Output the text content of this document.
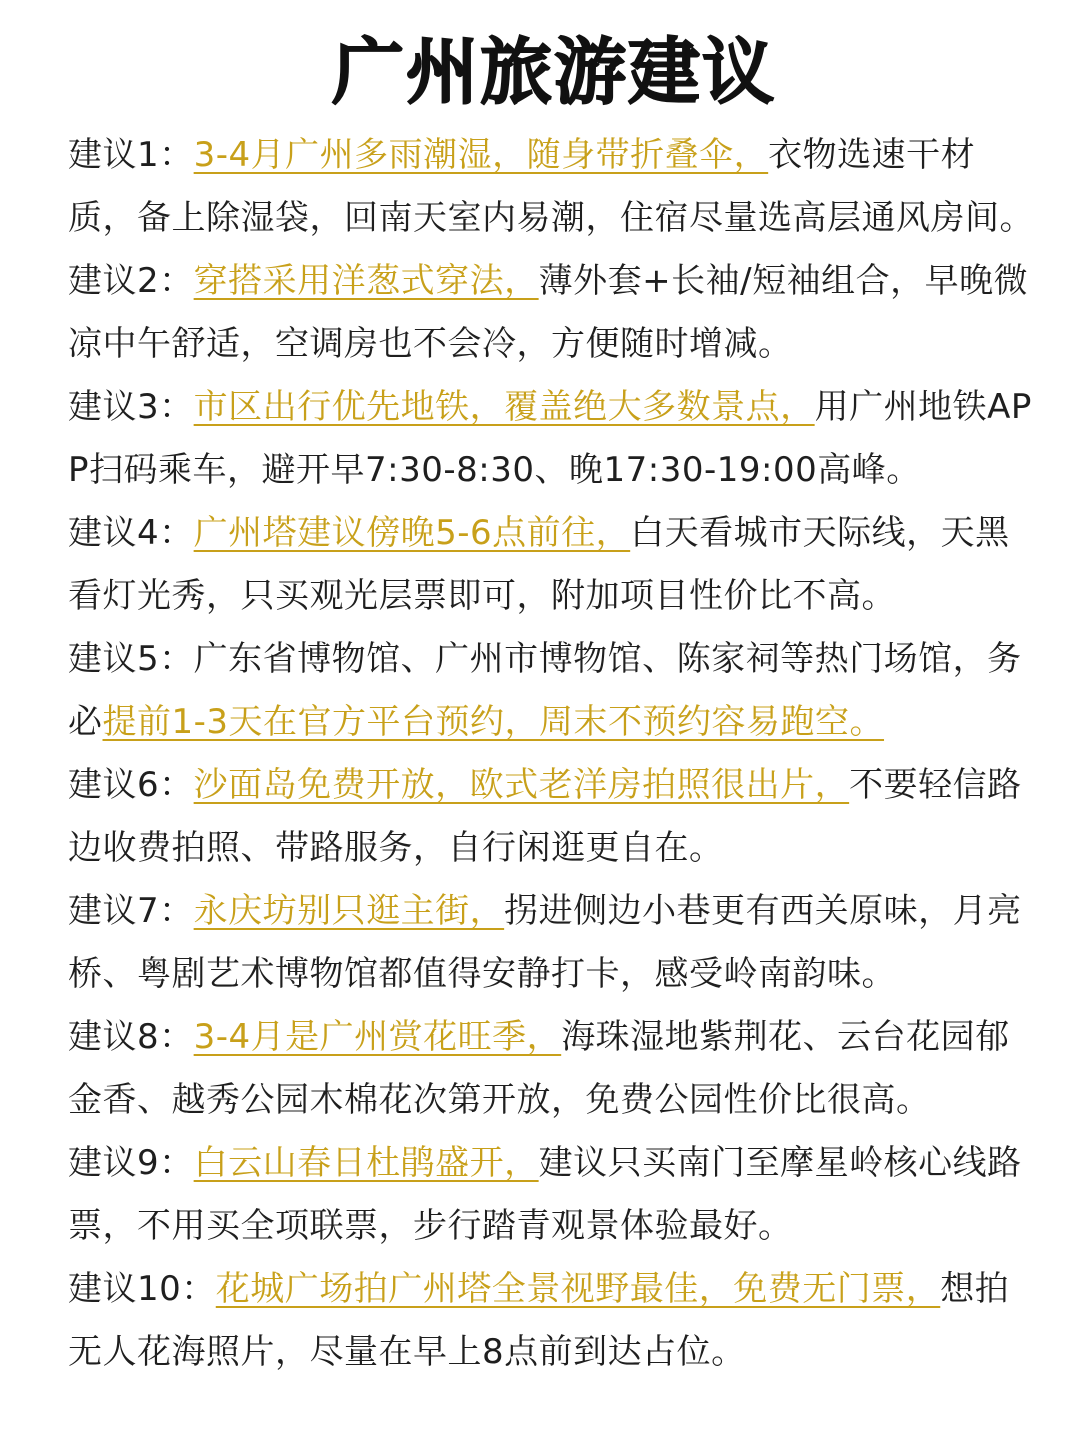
广州旅游建议
建议1：3-4月广州多雨潮湿，随身带折叠伞，衣物选速干材质，备上除湿袋，回南天室内易潮，住宿尽量选高层通风房间。
建议2：穿搭采用洋葱式穿法，薄外套+长袖/短袖组合，早晚微凉中午舒适，空调房也不会冷，方便随时增减。
建议3：市区出行优先地铁，覆盖绝大多数景点，用广州地铁APP扫码乘车，避开早7:30-8:30、晚17:30-19:00高峰。
建议4：广州塔建议傍晚5-6点前往，白天看城市天际线，天黑看灯光秀，只买观光层票即可，附加项目性价比不高。
建议5：广东省博物馆、广州市博物馆、陈家祠等热门场馆，务必提前1-3天在官方平台预约，周末不预约容易跑空。
建议6：沙面岛免费开放，欧式老洋房拍照很出片，不要轻信路边收费拍照、带路服务，自行闲逛更自在。
建议7：永庆坊别只逛主街，拐进侧边小巷更有西关原味，月亮桥、粤剧艺术博物馆都值得安静打卡，感受岭南韵味。
建议8：3-4月是广州赏花旺季，海珠湿地紫荆花、云台花园郁金香、越秀公园木棉花次第开放，免费公园性价比很高。
建议9：白云山春日杜鹃盛开，建议只买南门至摩星岭核心线路票，不用买全项联票，步行踏青观景体验最好。
建议10：花城广场拍广州塔全景视野最佳，免费无门票，想拍无人花海照片，尽量在早上8点前到达占位。
